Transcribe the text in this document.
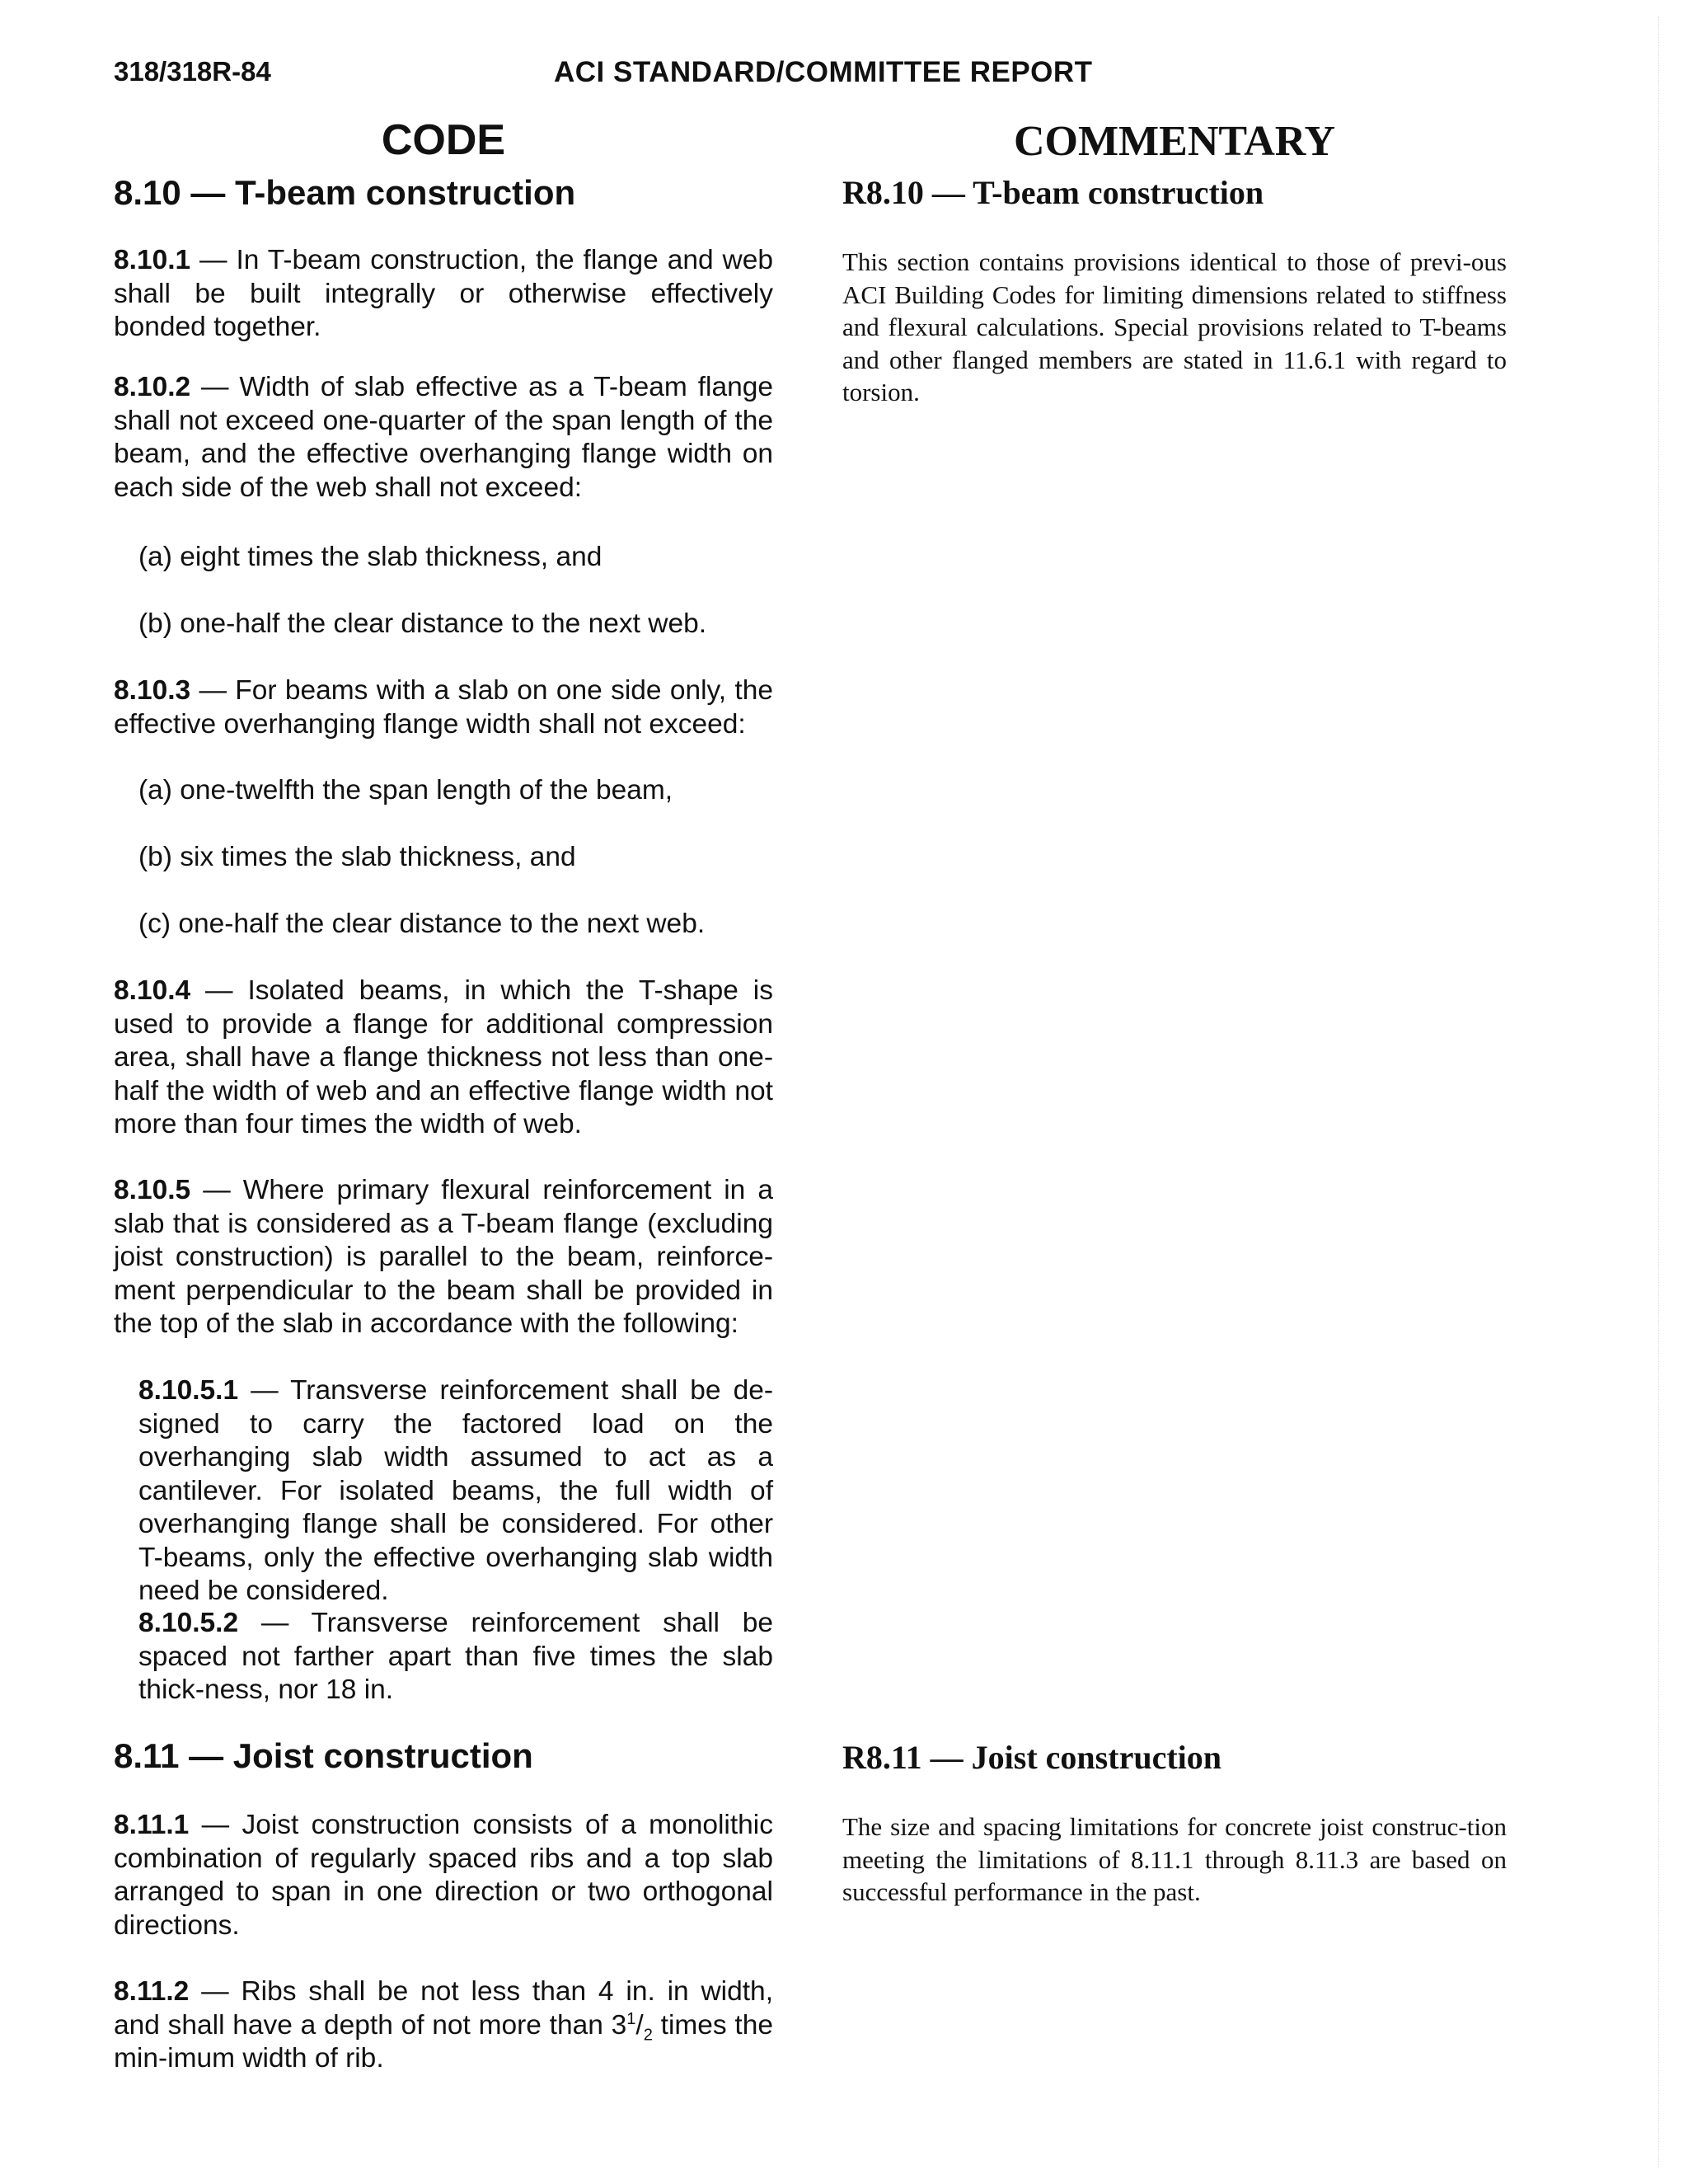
318/318R-84	ACI STANDARD/COMMITTEE REPORT
CODE	COMMENTARY
8.10 — T-beam construction
8.10.1 — In T-beam construction, the flange and web shall be built integrally or otherwise effectively bonded together.
8.10.2 — Width of slab effective as a T-beam flange shall not exceed one-quarter of the span length of the beam, and the effective overhanging flange width on each side of the web shall not exceed:
(a) eight times the slab thickness, and
(b) one-half the clear distance to the next web.
8.10.3 — For beams with a slab on one side only, the effective overhanging flange width shall not exceed:
(a) one-twelfth the span length of the beam,
(b) six times the slab thickness, and
(c) one-half the clear distance to the next web.
8.10.4 — Isolated beams, in which the T-shape is used to provide a flange for additional compression area, shall have a flange thickness not less than one-half the width of web and an effective flange width not more than four times the width of web.
8.10.5 — Where primary flexural reinforcement in a slab that is considered as a T-beam flange (excluding joist construction) is parallel to the beam, reinforce-ment perpendicular to the beam shall be provided in the top of the slab in accordance with the following:
8.10.5.1 — Transverse reinforcement shall be de-signed to carry the factored load on the overhanging slab width assumed to act as a cantilever. For isolated beams, the full width of overhanging flange shall be considered. For other T-beams, only the effective overhanging slab width need be considered.
8.10.5.2 — Transverse reinforcement shall be spaced not farther apart than five times the slab thick-ness, nor 18 in.
R8.10 — T-beam construction
This section contains provisions identical to those of previ-ous ACI Building Codes for limiting dimensions related to stiffness and flexural calculations. Special provisions related to T-beams and other flanged members are stated in 11.6.1 with regard to torsion.
8.11 — Joist construction
8.11.1 — Joist construction consists of a monolithic combination of regularly spaced ribs and a top slab arranged to span in one direction or two orthogonal directions.
8.11.2 — Ribs shall be not less than 4 in. in width, and shall have a depth of not more than $3^1/_2$ times the min-imum width of rib.
R8.11 — Joist construction
The size and spacing limitations for concrete joist construc-tion meeting the limitations of 8.11.1 through 8.11.3 are based on successful performance in the past.
